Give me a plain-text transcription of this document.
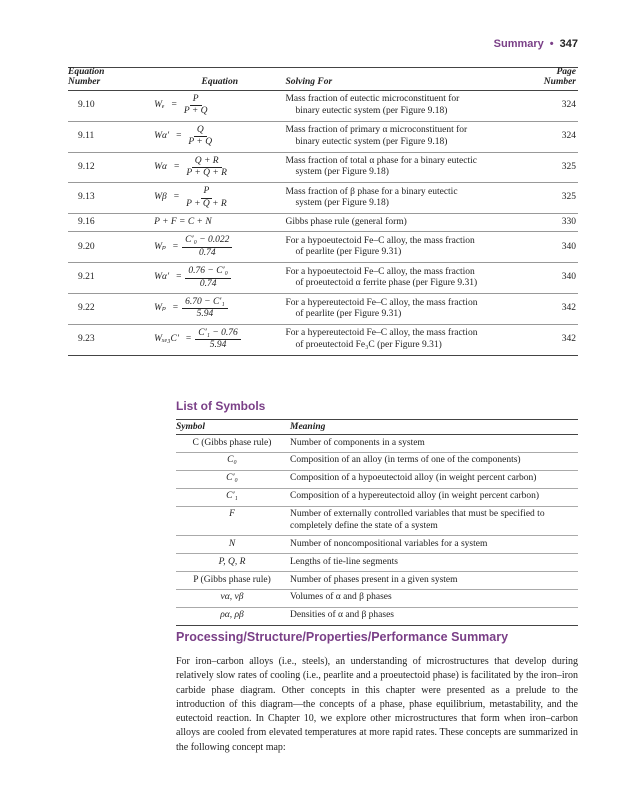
Summary • 347
Equation
Number	Equation	Solving For	Page
Number
9.10	$W_e = \frac{P}{P + Q}$	Mass fraction of eutectic microconstituent for
binary eutectic system (per Figure 9.18)	324
9.11	$W\alpha' = \frac{Q}{P + Q}$	Mass fraction of primary α microconstituent for
binary eutectic system (per Figure 9.18)	324
9.12	$W\alpha = \frac{Q + R}{P + Q + R}$	Mass fraction of total α phase for a binary eutectic
system (per Figure 9.18)	325
9.13	$W\beta = \frac{P}{P + Q + R}$	Mass fraction of β phase for a binary eutectic
system (per Figure 9.18)	325
9.16	P + F = C + N	Gibbs phase rule (general form)	330
9.20	$W_p = \frac{\text{C′₀ − 0.022}}{0.74}$	For a hypoeutectoid Fe–C alloy, the mass fraction
of pearlite (per Figure 9.31)	340
9.21	$W\alpha' = \frac{\text{0.76 − C′₀}}{0.74}$	For a hypoeutectoid Fe–C alloy, the mass fraction
of proeutectoid α ferrite phase (per Figure 9.31)	340
9.22	$W_p = \frac{\text{6.70 − C′₁}}{5.94}$	For a hypereutectoid Fe–C alloy, the mass fraction
of pearlite (per Figure 9.31)	342
9.23	$W_{xe3}C' = \frac{\text{C′₁ − 0.76}}{5.94}$	For a hypereutectoid Fe–C alloy, the mass fraction
of proeutectoid Fe₃C (per Figure 9.31)	342
List of Symbols
Symbol	Meaning
C (Gibbs phase rule)	Number of components in a system
C₀	Composition of an alloy (in terms of one of the components)
C′₀	Composition of a hypoeutectoid alloy (in weight percent carbon)
C′₁	Composition of a hypereutectoid alloy (in weight percent carbon)
F	Number of externally controlled variables that must be specified to completely define the state of a system
N	Number of noncompositional variables for a system
P, Q, R	Lengths of tie-line segments
P (Gibbs phase rule)	Number of phases present in a given system
vα, vβ	Volumes of α and β phases
ρα, ρβ	Densities of α and β phases
Processing/Structure/Properties/Performance Summary

For iron–carbon alloys (i.e., steels), an understanding of microstructures that develop during relatively slow rates of cooling (i.e., pearlite and a proeutectoid phase) is facilitated by the iron–iron carbide phase diagram. Other concepts in this chapter were presented as a prelude to the introduction of this diagram—the concepts of a phase, phase equilibrium, metastability, and the eutectoid reaction. In Chapter 10, we explore other microstructures that form when iron–carbon alloys are cooled from elevated temperatures at more rapid rates. These concepts are summarized in the following concept map:
